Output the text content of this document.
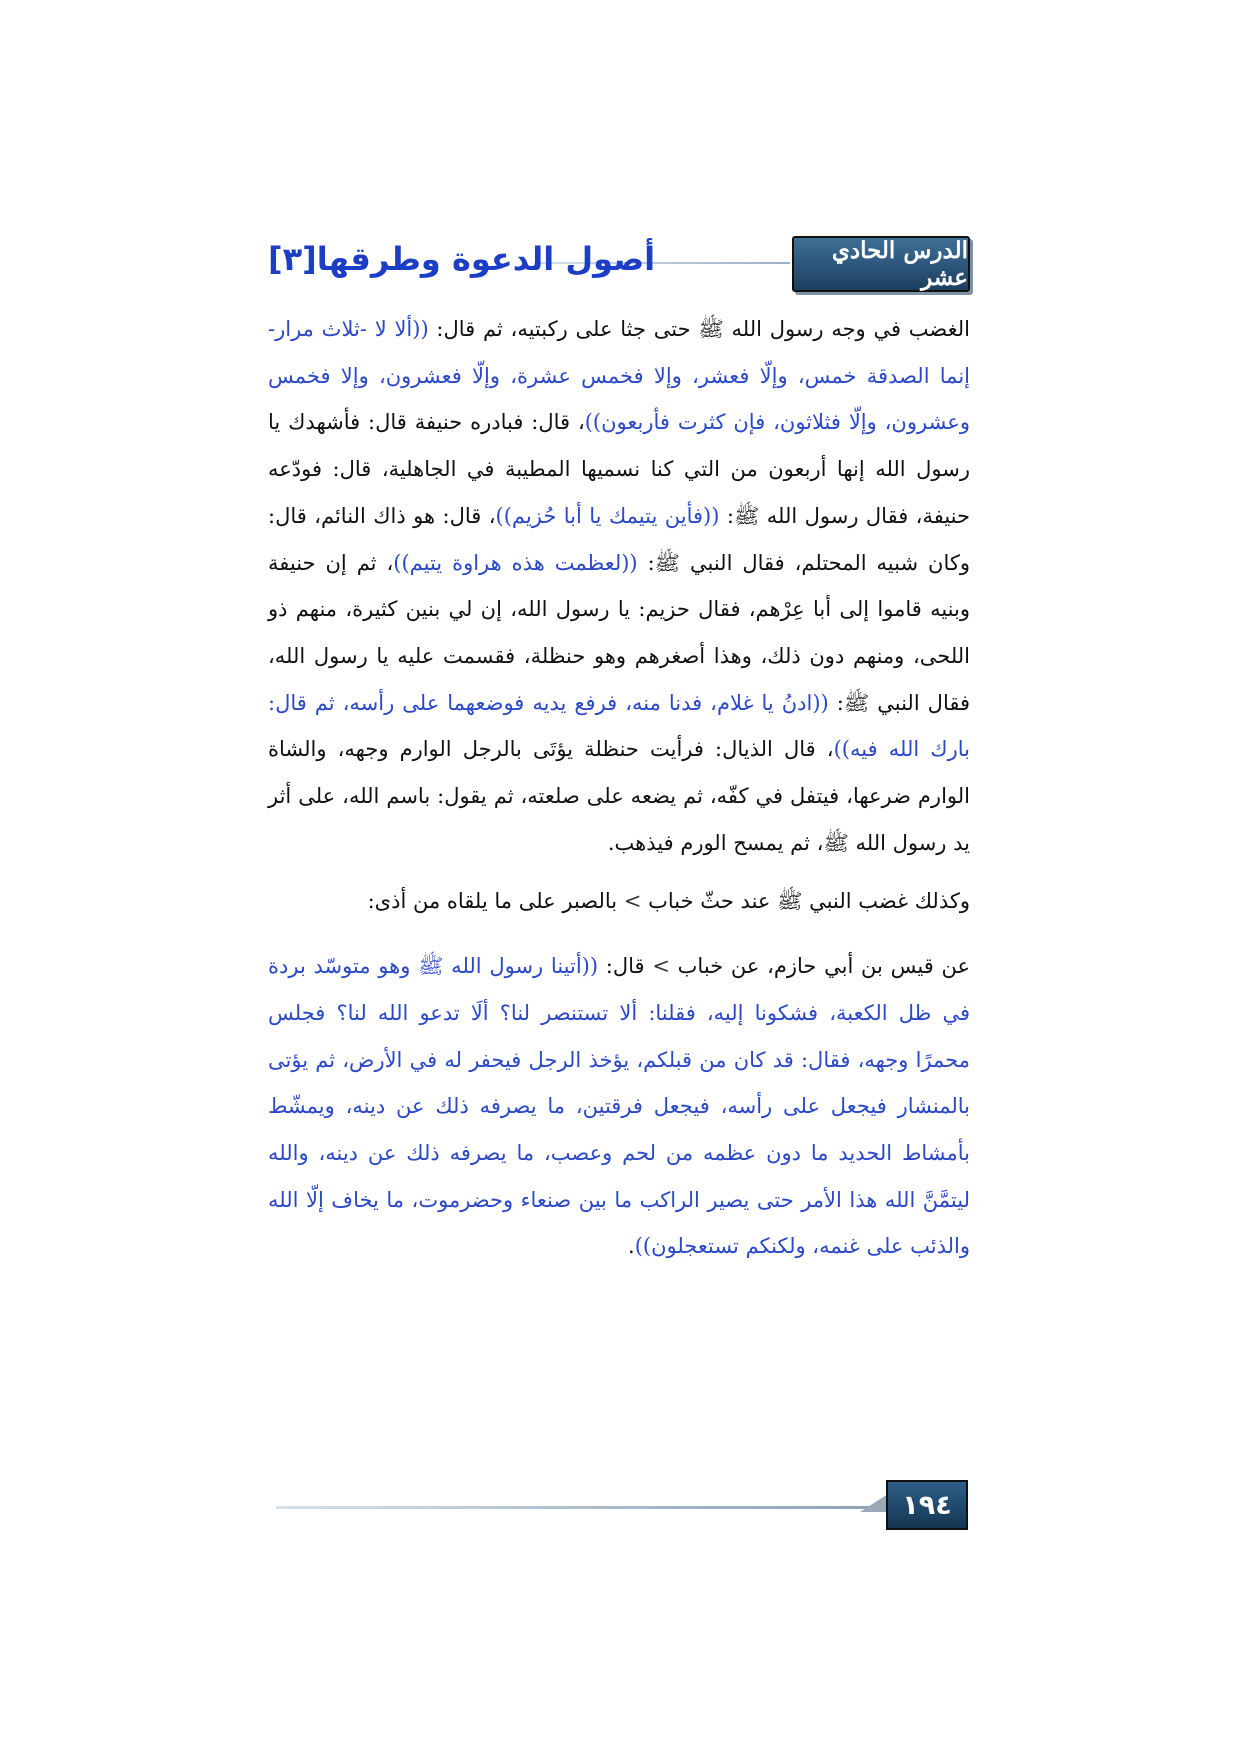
الدرس الحادي عشر
أصول الدعوة وطرقها[٣]

الغضب في وجه رسول الله ﷺ حتى جثا على ركبتيه، ثم قال: ((ألا لا -ثلاث مرار- إنما الصدقة خمس، وإلّا فعشر، وإلا فخمس عشرة، وإلّا فعشرون، وإلا فخمس وعشرون، وإلّا فثلاثون، فإن كثرت فأربعون))، قال: فبادره حنيفة قال: فأشهدك يا رسول الله إنها أربعون من التي كنا نسميها المطيبة في الجاهلية، قال: فودّعه حنيفة، فقال رسول الله ﷺ: ((فأين يتيمك يا أبا حُزيم))، قال: هو ذاك النائم، قال: وكان شبيه المحتلم، فقال النبي ﷺ: ((لعظمت هذه هراوة يتيم))، ثم إن حنيفة وبنيه قاموا إلى أبا عِرْهم، فقال حزيم: يا رسول الله، إن لي بنين كثيرة، منهم ذو اللحى، ومنهم دون ذلك، وهذا أصغرهم وهو حنظلة، فقسمت عليه يا رسول الله، فقال النبي ﷺ: ((ادنُ يا غلام، فدنا منه، فرفع يديه فوضعهما على رأسه، ثم قال: بارك الله فيه))، قال الذيال: فرأيت حنظلة يؤتَى بالرجل الوارم وجهه، والشاة الوارم ضرعها، فيتفل في كفّه، ثم يضعه على صلعته، ثم يقول: باسم الله، على أثر يد رسول الله ﷺ، ثم يمسح الورم فيذهب.

وكذلك غضب النبي ﷺ عند حثّ خباب > بالصبر على ما يلقاه من أذى:

عن قيس بن أبي حازم، عن خباب > قال: ((أتينا رسول الله ﷺ وهو متوسّد بردة في ظل الكعبة، فشكونا إليه، فقلنا: ألا تستنصر لنا؟ ألَا تدعو الله لنا؟ فجلس محمرًا وجهه، فقال: قد كان من قبلكم، يؤخذ الرجل فيحفر له في الأرض، ثم يؤتى بالمنشار فيجعل على رأسه، فيجعل فرقتين، ما يصرفه ذلك عن دينه، ويمشّط بأمشاط الحديد ما دون عظمه من لحم وعصب، ما يصرفه ذلك عن دينه، والله ليتمَّنَّ الله هذا الأمر حتى يصير الراكب ما بين صنعاء وحضرموت، ما يخاف إلّا الله والذئب على غنمه، ولكنكم تستعجلون)).

١٩٤
